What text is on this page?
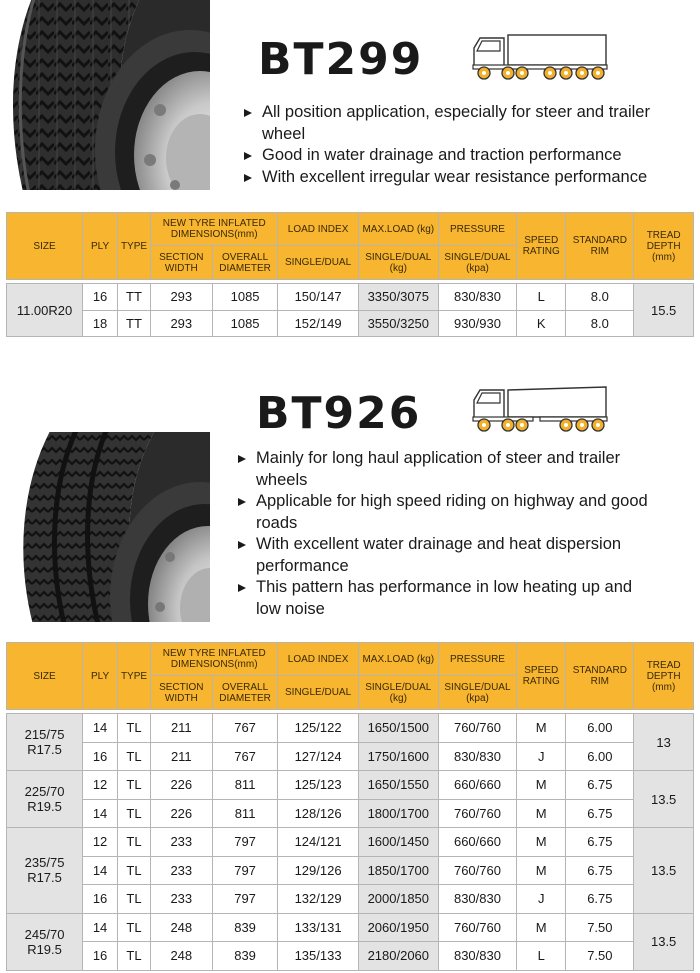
BT299
All position application, especially for steer and trailer wheel
Good in water drainage and traction performance
With excellent irregular wear resistance performance
SIZE	PLY	TYPE	NEW TYRE INFLATED DIMENSIONS(mm)		LOAD INDEX	MAX.LOAD (kg)	PRESSURE	SPEED RATING	STANDARD RIM	TREAD DEPTH (mm)
			SECTION WIDTH	OVERALL DIAMETER	SINGLE/DUAL	SINGLE/DUAL (kg)	SINGLE/DUAL (kpa)			

11.00R20	16	TT	293	1085	150/147	3350/3075	830/830	L	8.0	15.5
	18	TT	293	1085	152/149	3550/3250	930/930	K	8.0	
BT926
Mainly for long haul application of steer and trailer wheels
Applicable for high speed riding on highway and good roads
With excellent water drainage and heat dispersion performance
This pattern has performance in low heating up and low noise
SIZE	PLY	TYPE	NEW TYRE INFLATED DIMENSIONS(mm)		LOAD INDEX	MAX.LOAD (kg)	PRESSURE	SPEED RATING	STANDARD RIM	TREAD DEPTH (mm)
			SECTION WIDTH	OVERALL DIAMETER	SINGLE/DUAL	SINGLE/DUAL (kg)	SINGLE/DUAL (kpa)			

215/75
R17.5	14	TL	211	767	125/122	1650/1500	760/760	M	6.00	13
	16	TL	211	767	127/124	1750/1600	830/830	J	6.00	
225/70
R19.5	12	TL	226	811	125/123	1650/1550	660/660	M	6.75	13.5
	14	TL	226	811	128/126	1800/1700	760/760	M	6.75	
235/75
R17.5	12	TL	233	797	124/121	1600/1450	660/660	M	6.75	13.5
	14	TL	233	797	129/126	1850/1700	760/760	M	6.75	
	16	TL	233	797	132/129	2000/1850	830/830	J	6.75	
245/70
R19.5	14	TL	248	839	133/131	2060/1950	760/760	M	7.50	13.5
	16	TL	248	839	135/133	2180/2060	830/830	L	7.50	
